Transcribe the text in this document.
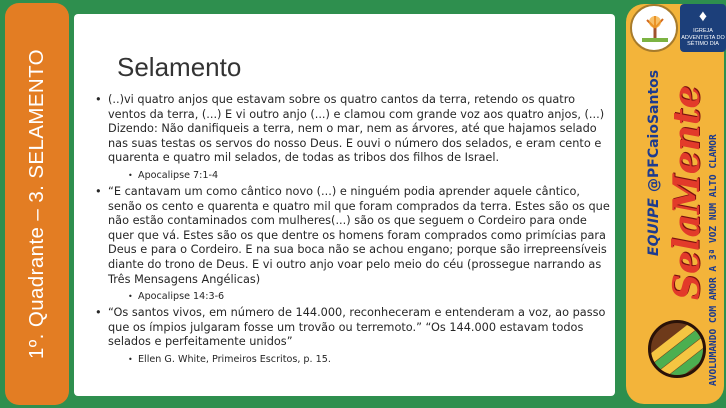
1º. Quadrante – 3. SELAMENTO	Selamento
• (..)vi quatro anjos que estavam sobre os quatro cantos da terra, retendo os quatro ventos da terra, (...) E vi outro anjo (...) e clamou com grande voz aos quatro anjos, (...) Dizendo: Não danifiqueis a terra, nem o mar, nem as árvores, até que hajamos selado nas suas testas os servos do nosso Deus. E ouvi o número dos selados, e eram cento e quarenta e quatro mil selados, de todas as tribos dos filhos de Israel.
• Apocalipse 7:1-4
• “E cantavam um como cântico novo (...) e ninguém podia aprender aquele cântico, senão os cento e quarenta e quatro mil que foram comprados da terra. Estes são os que não estão contaminados com mulheres(...) são os que seguem o Cordeiro para onde quer que vá. Estes são os que dentre os homens foram comprados como primícias para Deus e para o Cordeiro. E na sua boca não se achou engano; porque são irrepreensíveis diante do trono de Deus. E vi outro anjo voar pelo meio do céu (prossegue narrando as Três Mensagens Angélicas)
• Apocalipse 14:3-6
• “Os santos vivos, em número de 144.000, reconheceram e entenderam a voz, ao passo que os ímpios julgaram fosse um trovão ou terremoto.” “Os 144.000 estavam todos selados e perfeitamente unidos”
• Ellen G. White, Primeiros Escritos, p. 15.
♦
IGREJA ADVENTISTA DO SÉTIMO DIA
EQUIPE
@PFCaioSantos SelaMente AVOLUMANDO COM AMOR A 3ª VOZ NUM ALTO CLAMOR
